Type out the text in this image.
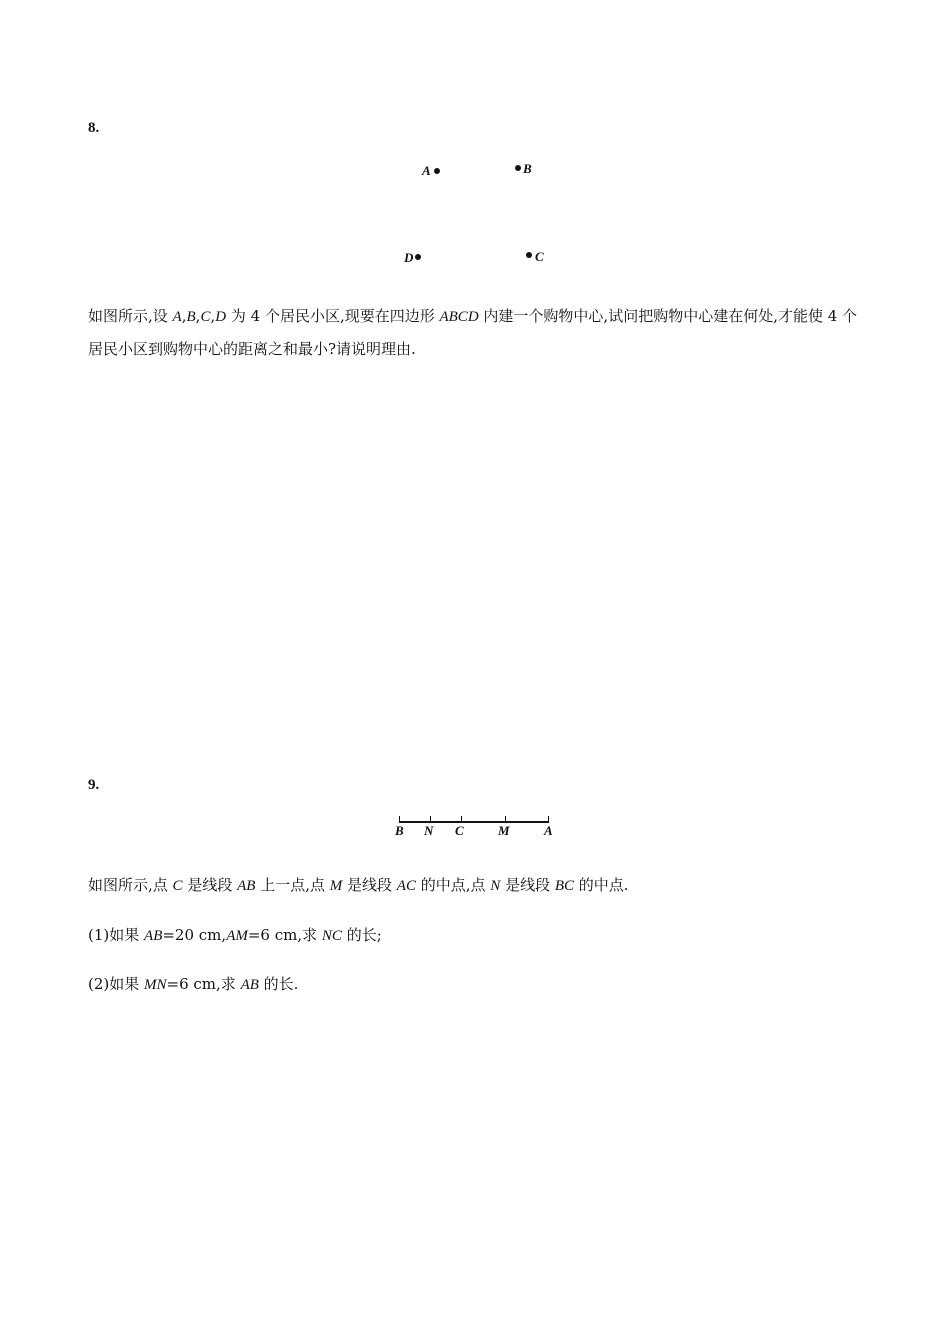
8.
A	B
D	C
如图所示,设 A,B,C,D 为 4 个居民小区,现要在四边形 ABCD 内建一个购物中心,试问把购物中心建在何处,才能使 4 个居民小区到购物中心的距离之和最小?请说明理由.
9.
B N C	M	A
如图所示,点 C 是线段 AB 上一点,点 M 是线段 AC 的中点,点 N 是线段 BC 的中点.
(1)如果 AB=20 cm,AM=6 cm,求 NC 的长;
(2)如果 MN=6 cm,求 AB 的长.
